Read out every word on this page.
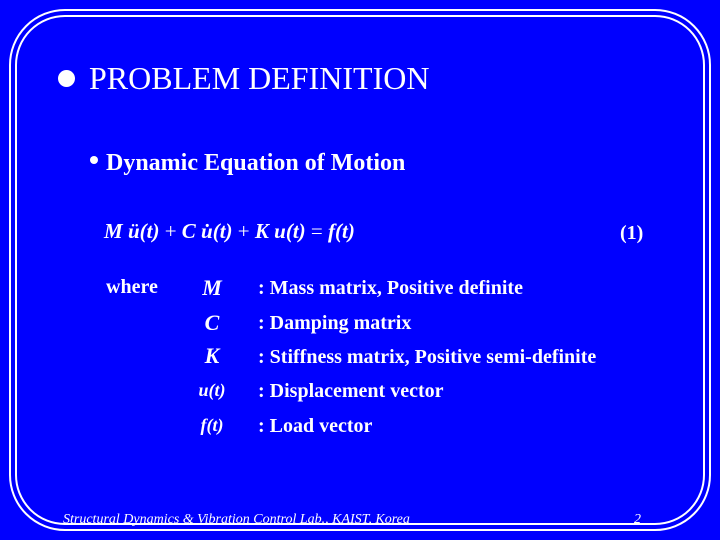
PROBLEM DEFINITION
Dynamic Equation of Motion
M ü(t) + C u̇(t) + K u(t) = f(t)	(1)
where	M	: Mass matrix, Positive definite
C	: Damping matrix
K	: Stiffness matrix, Positive semi-definite
u(t)	: Displacement vector
f(t)	: Load vector
Structural Dynamics & Vibration Control Lab., KAIST, Korea	2
